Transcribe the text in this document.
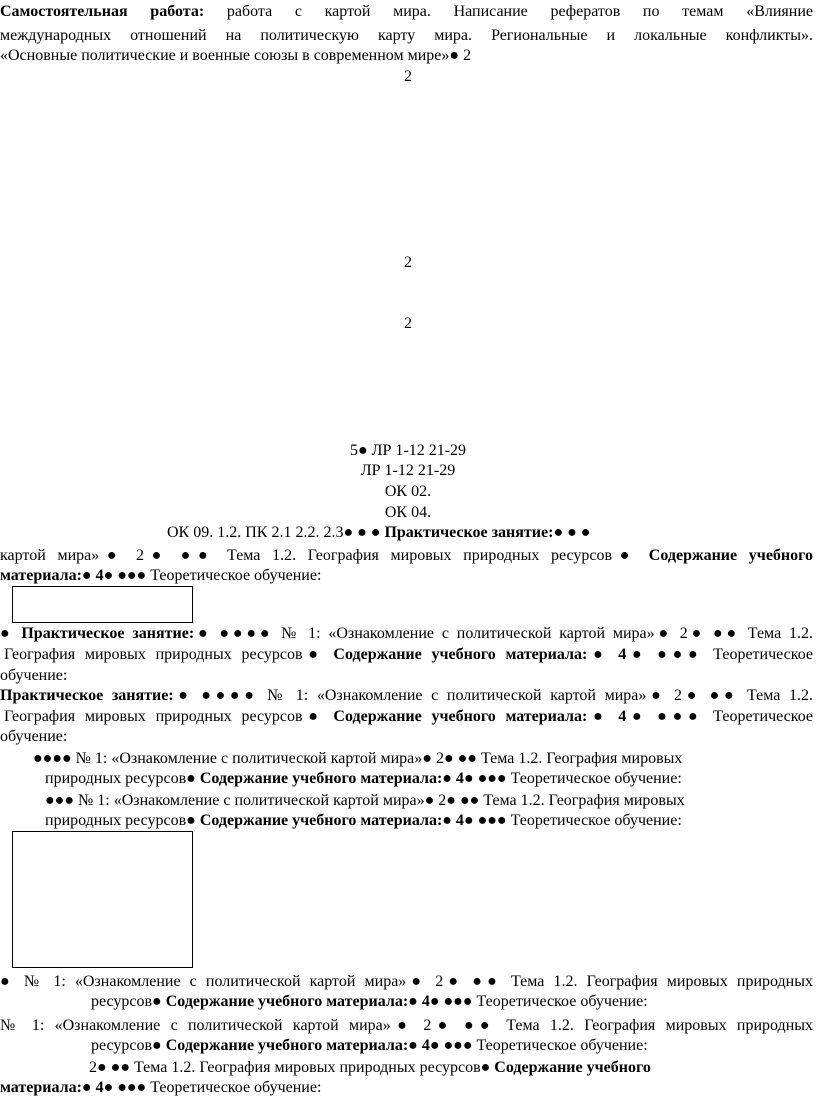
Самостоятельная работа: работа с картой мира. Написание рефератов по темам «Влияние
международных отношений на политическую карту мира. Региональные и локальные конфликты».
«Основные политические и военные союзы в современном мире»● 2
2
2
2
5● ЛР 1-12 21-29
ЛР 1-12 21-29
ОК 02.
ОК 04.
ОК 09. 1.2. ПК 2.1 2.2. 2.3● ● ● Практическое занятие:● ● ●
картой мира»● 2● ●● Тема 1.2. География мировых природных ресурсов● Содержание учебного
материала:● 4● ●●● Теоретическое обучение:
● Практическое занятие:● ●●●● № 1: «Ознакомление с политической картой мира»● 2● ●● Тема 1.2.
География мировых природных ресурсов● Содержание учебного материала:● 4● ●●● Теоретическое
обучение:
Практическое занятие:● ●●●● № 1: «Ознакомление с политической картой мира»● 2● ●● Тема 1.2.
География мировых природных ресурсов● Содержание учебного материала:● 4● ●●● Теоретическое
обучение:
●●●● № 1: «Ознакомление с политической картой мира»● 2● ●● Тема 1.2. География мировых
природных ресурсов● Содержание учебного материала:● 4● ●●● Теоретическое обучение:
●●● № 1: «Ознакомление с политической картой мира»● 2● ●● Тема 1.2. География мировых
природных ресурсов● Содержание учебного материала:● 4● ●●● Теоретическое обучение:
● № 1: «Ознакомление с политической картой мира»● 2● ●● Тема 1.2. География мировых природных
ресурсов● Содержание учебного материала:● 4● ●●● Теоретическое обучение:
№ 1: «Ознакомление с политической картой мира»● 2● ●● Тема 1.2. География мировых природных
ресурсов● Содержание учебного материала:● 4● ●●● Теоретическое обучение:
2● ●● Тема 1.2. География мировых природных ресурсов● Содержание учебного
материала:● 4● ●●● Теоретическое обучение:
